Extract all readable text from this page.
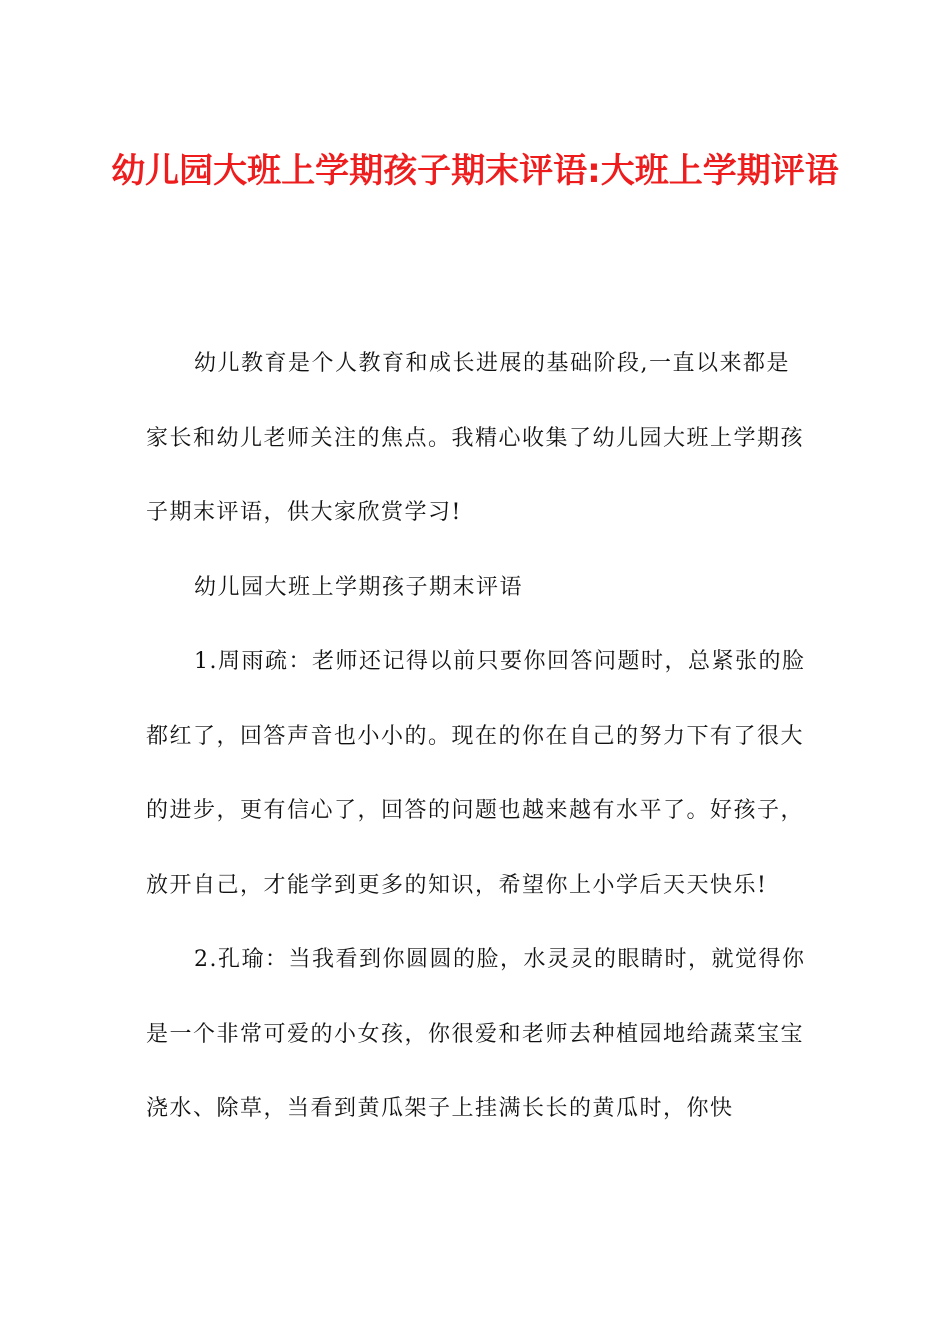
幼儿园大班上学期孩子期末评语:大班上学期评语

幼儿教育是个人教育和成长进展的基础阶段,一直以来都是家长和幼儿老师关注的焦点。我精心收集了幼儿园大班上学期孩子期末评语，供大家欣赏学习!

幼儿园大班上学期孩子期末评语

1.周雨疏：老师还记得以前只要你回答问题时，总紧张的脸都红了，回答声音也小小的。现在的你在自己的努力下有了很大的进步，更有信心了，回答的问题也越来越有水平了。好孩子，放开自己，才能学到更多的知识，希望你上小学后天天快乐!

2.孔瑜：当我看到你圆圆的脸，水灵灵的眼睛时，就觉得你是一个非常可爱的小女孩，你很爱和老师去种植园地给蔬菜宝宝浇水、除草，当看到黄瓜架子上挂满长长的黄瓜时，你快
